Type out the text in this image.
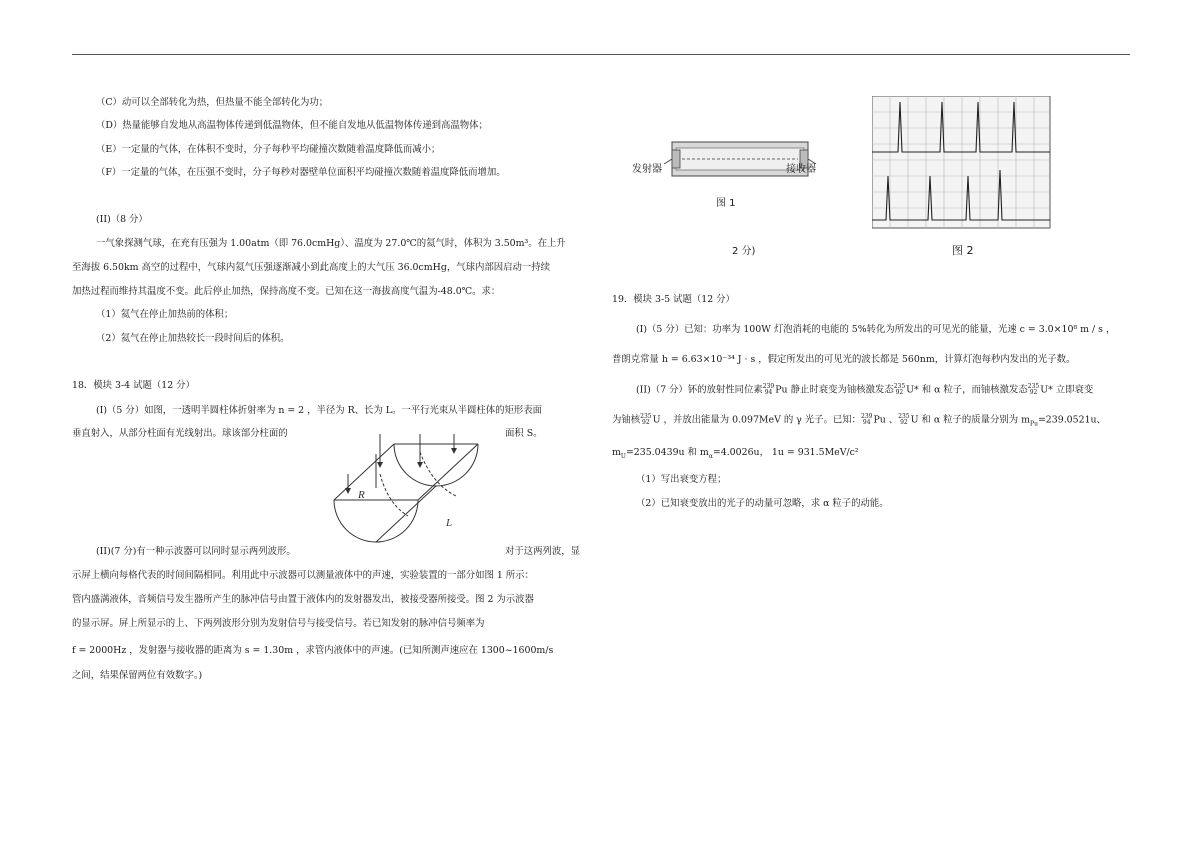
（C）动可以全部转化为热，但热量不能全部转化为功；
（D）热量能够自发地从高温物体传递到低温物体，但不能自发地从低温物体传递到高温物体；
（E）一定量的气体，在体积不变时，分子每秒平均碰撞次数随着温度降低而减小；
（F）一定量的气体，在压强不变时，分子每秒对器壁单位面积平均碰撞次数随着温度降低而增加。
(II)（8 分）
一气象探测气球，在充有压强为 1.00atm（即 76.0cmHg）、温度为 27.0℃的氦气时，体积为 3.50m³。在上升
至海拔 6.50km 高空的过程中，气球内氦气压强逐渐减小到此高度上的大气压 36.0cmHg，气球内部因启动一持续
加热过程而维持其温度不变。此后停止加热，保持高度不变。已知在这一海拔高度气温为-48.0℃。求：
（1）氦气在停止加热前的体积；
（2）氦气在停止加热较长一段时间后的体积。
18．模块 3-4 试题（12 分）
(I)（5 分）如图，一透明半圆柱体折射率为 n = 2 ，半径为 R、长为 L。一平行光束从半圆柱体的矩形表面
垂直射入，从部分柱面有光线射出。球该部分柱面的	面积 S。
(II)(7 分)有一种示波器可以同时显示两列波形。	对于这两列波，显
示屏上横向每格代表的时间间隔相同。利用此中示波器可以测量液体中的声速，实验装置的一部分如图 1 所示：
管内盛满液体，音频信号发生器所产生的脉冲信号由置于液体内的发射器发出，被接受器所接受。图 2 为示波器
的显示屏。屏上所显示的上、下两列波形分别为发射信号与接受信号。若已知发射的脉冲信号频率为
f = 2000Hz ，发射器与接收器的距离为 s = 1.30m ，求管内液体中的声速。(已知所测声速应在 1300~1600m/s
之间，结果保留两位有效数字。)
R
L
发射器	接收器
图 1
2 分)	图 2
19．模块 3-5 试题（12 分）
(I)（5 分）已知：功率为 100W 灯泡消耗的电能的 5%转化为所发出的可见光的能量，光速 c = 3.0×10⁸ m / s ，
普朗克常量 h = 6.63×10⁻³⁴ J · s ，假定所发出的可见光的波长都是 560nm，计算灯泡每秒内发出的光子数。
(II)（7 分）钚的放射性同位素 239
94 Pu 静止时衰变为铀核激发态 235
92 U* 和 α 粒子，而铀核激发态 235
92 U* 立即衰变
为铀核 235
92 U ，并放出能量为 0.097MeV 的 γ 光子。已知： 239
94 Pu 、 235
92 U 和 α 粒子的质量分别为 $m_{Pu}=239.0521u$、
$m_U=235.0439u$ 和 $m_\alpha=4.0026u$， 1u = 931.5MeV/c²
（1）写出衰变方程；
（2）已知衰变放出的光子的动量可忽略，求 α 粒子的动能。
